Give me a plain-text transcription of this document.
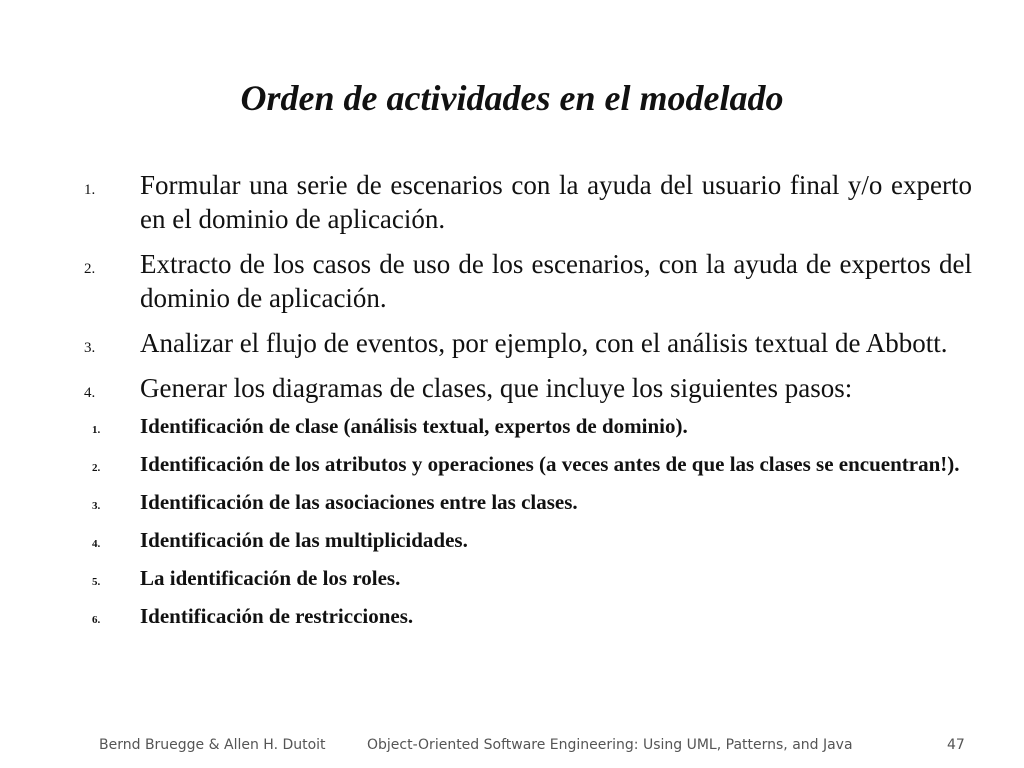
Orden de actividades en el modelado
1. Formular una serie de escenarios con la ayuda del usuario final y/o experto en el dominio de aplicación.
2. Extracto de los casos de uso de los escenarios, con la ayuda de expertos del dominio de aplicación.
3. Analizar el flujo de eventos, por ejemplo, con el análisis textual de Abbott.
4. Generar los diagramas de clases, que incluye los siguientes pasos:
1. Identificación de clase (análisis textual, expertos de dominio).
2. Identificación de los atributos y operaciones (a veces antes de que las clases se encuentran!).
3. Identificación de las asociaciones entre las clases.
4. Identificación de las multiplicidades.
5. La identificación de los roles.
6. Identificación de restricciones.
Bernd Bruegge & Allen H. Dutoit	Object-Oriented Software Engineering: Using UML, Patterns, and Java	47
